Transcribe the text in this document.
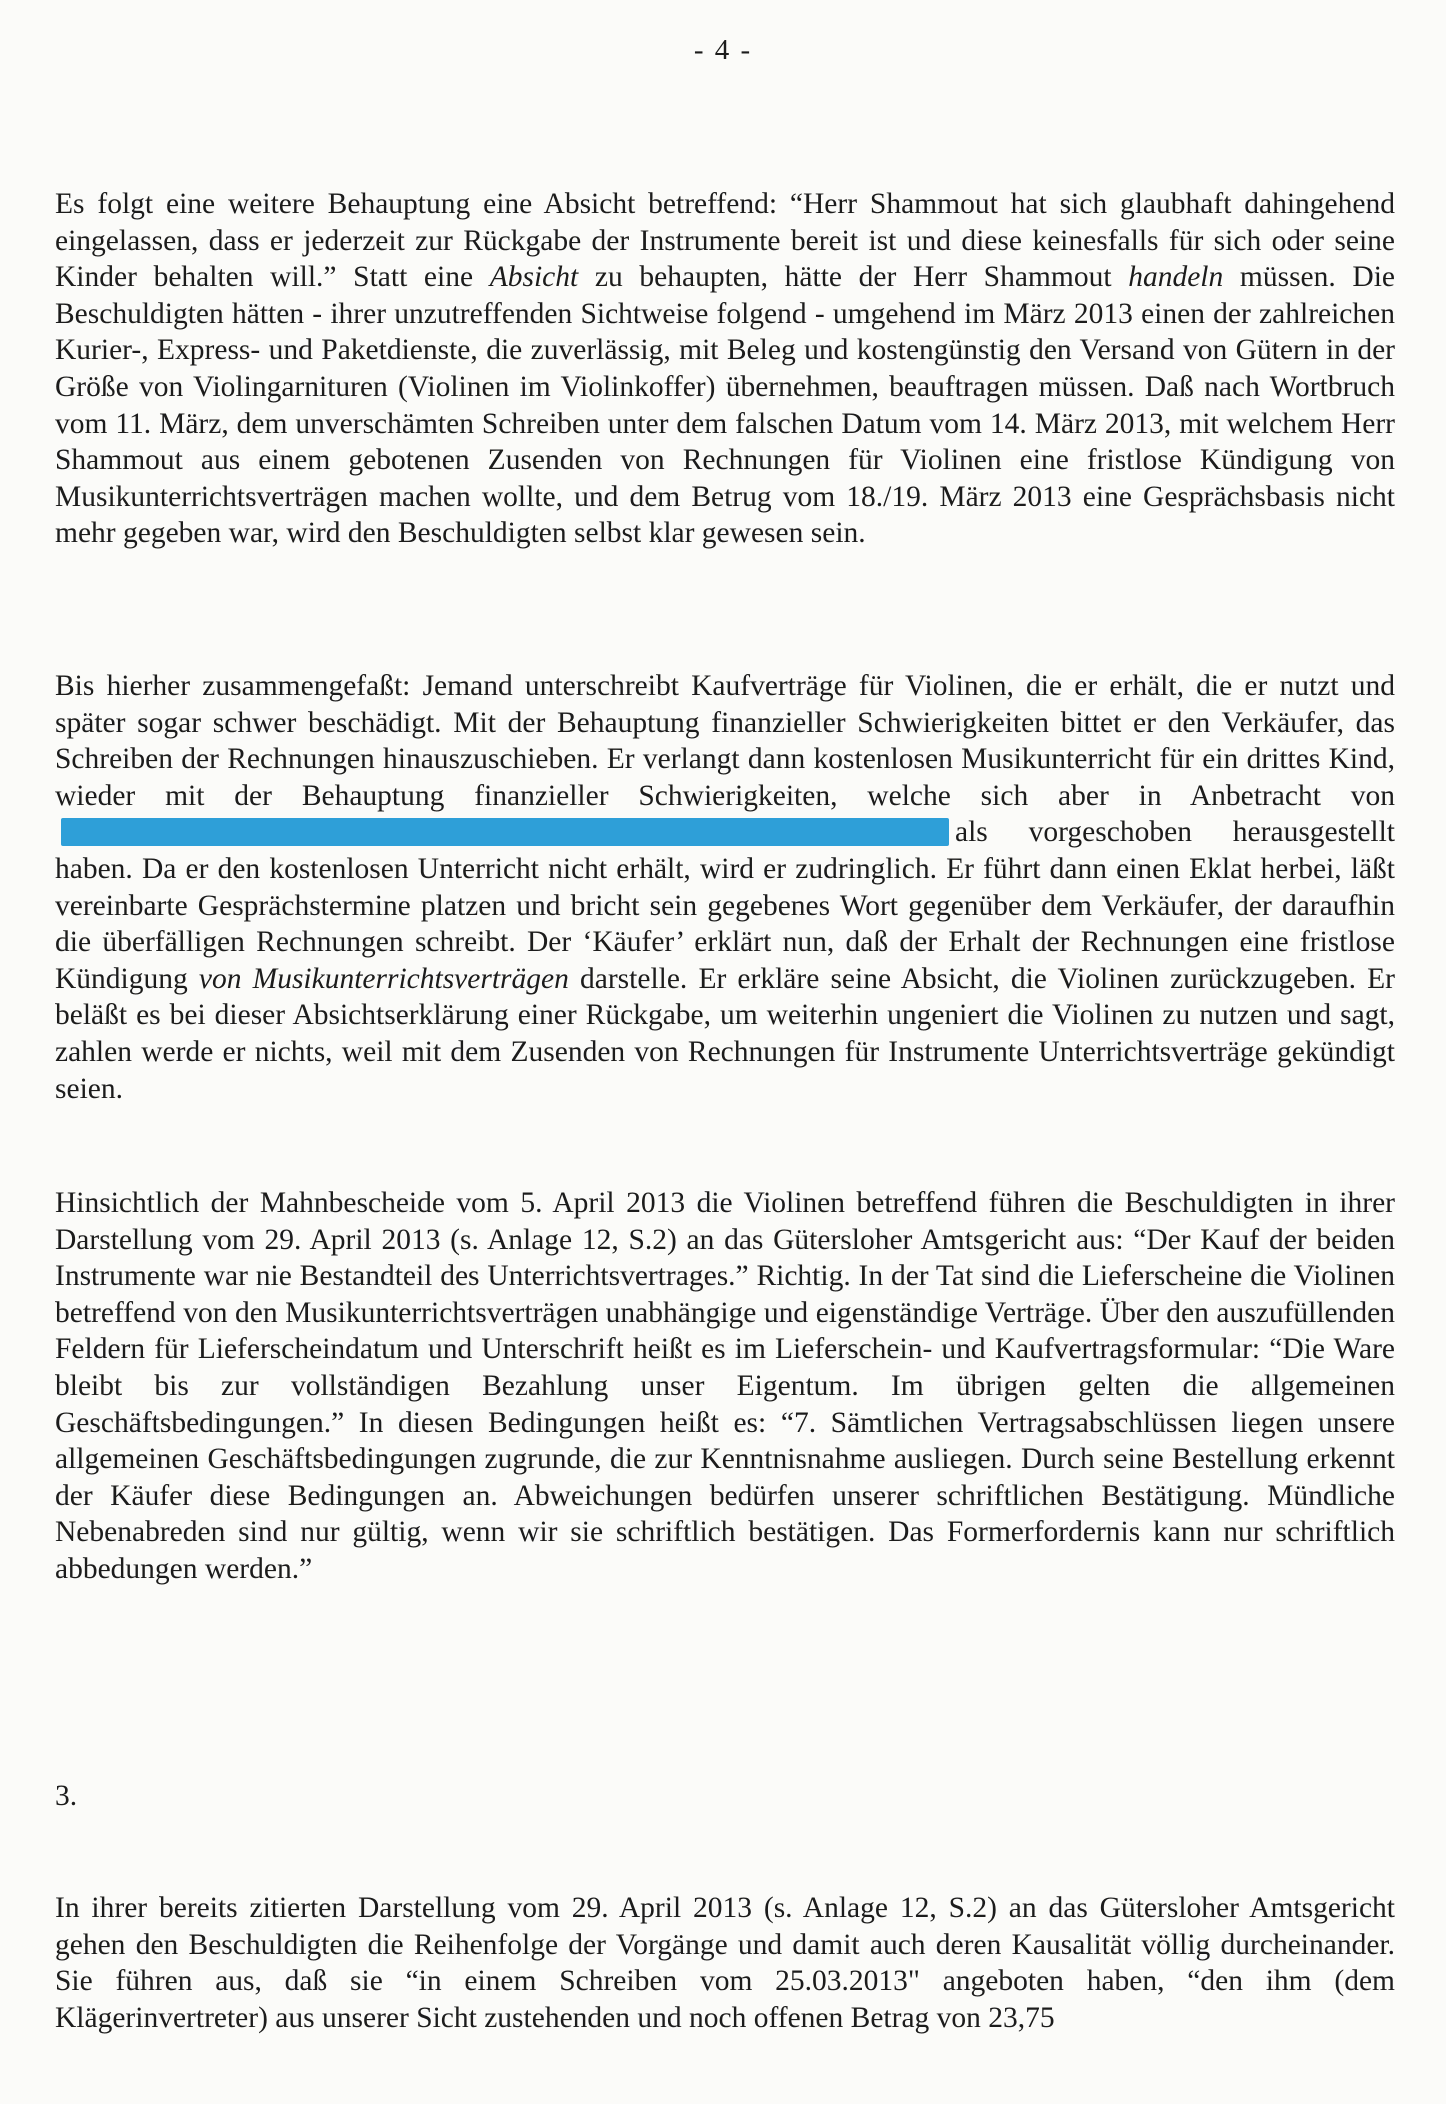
- 4 -

Es folgt eine weitere Behauptung eine Absicht betreffend: “Herr Shammout hat sich glaubhaft dahingehend eingelassen, dass er jederzeit zur Rückgabe der Instrumente bereit ist und diese keinesfalls für sich oder seine Kinder behalten will.” Statt eine Absicht zu behaupten, hätte der Herr Shammout handeln müssen. Die Beschuldigten hätten - ihrer unzutreffenden Sichtweise folgend - umgehend im März 2013 einen der zahlreichen Kurier-, Express- und Paketdienste, die zuverlässig, mit Beleg und kostengünstig den Versand von Gütern in der Größe von Violingarnituren (Violinen im Violinkoffer) übernehmen, beauftragen müssen. Daß nach Wortbruch vom 11. März, dem unverschämten Schreiben unter dem falschen Datum vom 14. März 2013, mit welchem Herr Shammout aus einem gebotenen Zusenden von Rechnungen für Violinen eine fristlose Kündigung von Musikunterrichtsverträgen machen wollte, und dem Betrug vom 18./19. März 2013 eine Gesprächsbasis nicht mehr gegeben war, wird den Beschuldigten selbst klar gewesen sein.

Bis hierher zusammengefaßt: Jemand unterschreibt Kaufverträge für Violinen, die er erhält, die er nutzt und später sogar schwer beschädigt. Mit der Behauptung finanzieller Schwierigkeiten bittet er den Verkäufer, das Schreiben der Rechnungen hinauszuschieben. Er verlangt dann kostenlosen Musikunterricht für ein drittes Kind, wieder mit der Behauptung finanzieller Schwierigkeiten, welche sich aber in Anbetracht vonals vorgeschoben herausgestellt haben. Da er den kostenlosen Unterricht nicht erhält, wird er zudringlich. Er führt dann einen Eklat herbei, läßt vereinbarte Gesprächstermine platzen und bricht sein gegebenes Wort gegenüber dem Verkäufer, der daraufhin die überfälligen Rechnungen schreibt. Der ‘Käufer’ erklärt nun, daß der Erhalt der Rechnungen eine fristlose Kündigung von Musikunterrichtsverträgen darstelle. Er erkläre seine Absicht, die Violinen zurückzugeben. Er beläßt es bei dieser Absichtserklärung einer Rückgabe, um weiterhin ungeniert die Violinen zu nutzen und sagt, zahlen werde er nichts, weil mit dem Zusenden von Rechnungen für Instrumente Unterrichtsverträge gekündigt seien.

Hinsichtlich der Mahnbescheide vom 5. April 2013 die Violinen betreffend führen die Beschuldigten in ihrer Darstellung vom 29. April 2013 (s. Anlage 12, S.2) an das Gütersloher Amtsgericht aus: “Der Kauf der beiden Instrumente war nie Bestandteil des Unterrichtsvertrages.” Richtig. In der Tat sind die Lieferscheine die Violinen betreffend von den Musikunterrichtsverträgen unabhängige und eigenständige Verträge. Über den auszufüllenden Feldern für Lieferscheindatum und Unterschrift heißt es im Lieferschein- und Kaufvertragsformular: “Die Ware bleibt bis zur vollständigen Bezahlung unser Eigentum. Im übrigen gelten die allgemeinen Geschäftsbedingungen.” In diesen Bedingungen heißt es: “7. Sämtlichen Vertragsabschlüssen liegen unsere allgemeinen Geschäftsbedingungen zugrunde, die zur Kenntnisnahme ausliegen. Durch seine Bestellung erkennt der Käufer diese Bedingungen an. Abweichungen bedürfen unserer schriftlichen Bestätigung. Mündliche Nebenabreden sind nur gültig, wenn wir sie schriftlich bestätigen. Das Formerfordernis kann nur schriftlich abbedungen werden.”

3.

In ihrer bereits zitierten Darstellung vom 29. April 2013 (s. Anlage 12, S.2) an das Gütersloher Amtsgericht gehen den Beschuldigten die Reihenfolge der Vorgänge und damit auch deren Kausalität völlig durcheinander. Sie führen aus, daß sie “in einem Schreiben vom 25.03.2013" angeboten haben, “den ihm (dem Klägerinvertreter) aus unserer Sicht zustehenden und noch offenen Betrag von 23,75
